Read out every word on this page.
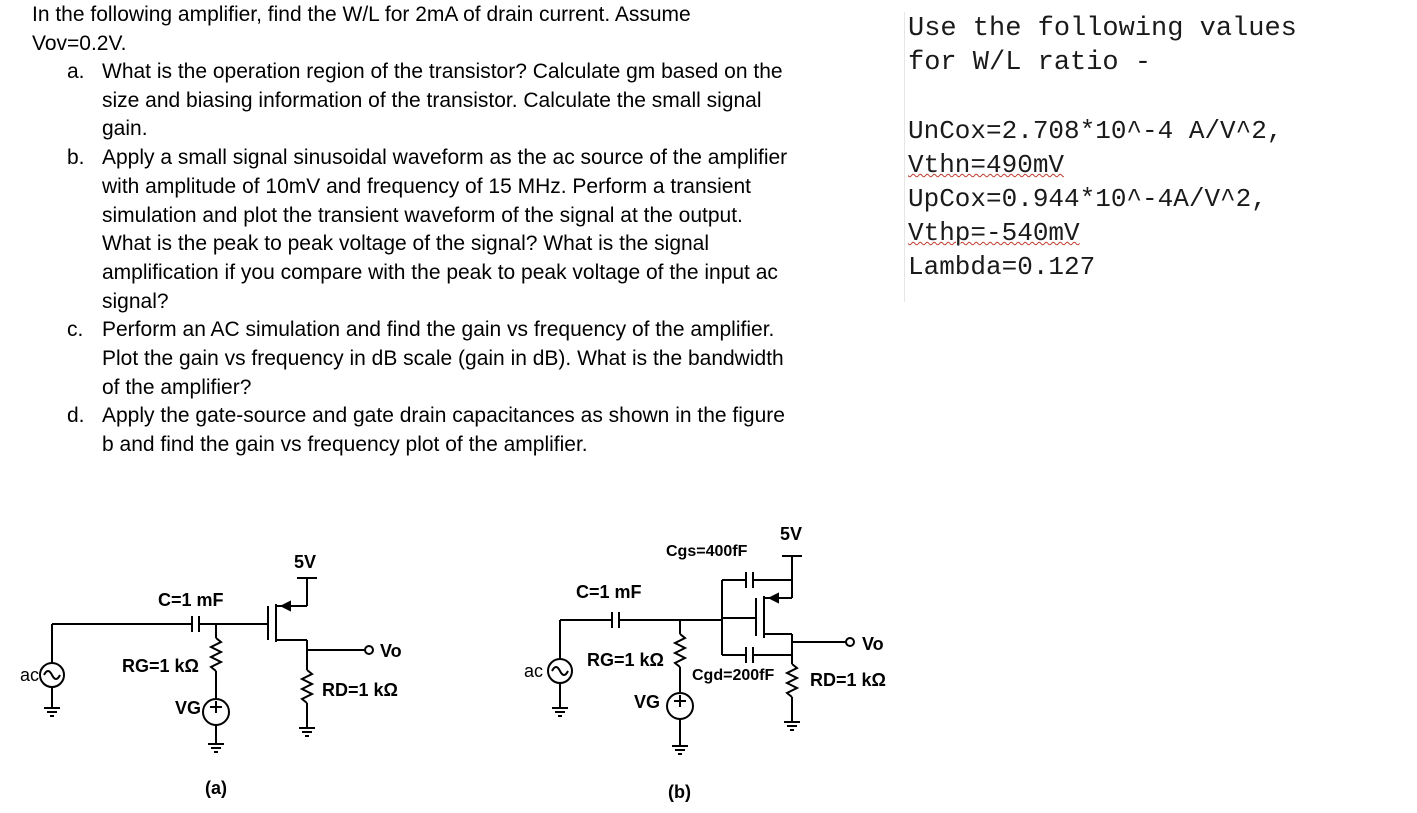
In the following amplifier, find the W/L for 2mA of drain current. Assume
Vov=0.2V.
a. What is the operation region of the transistor? Calculate gm based on the
size and biasing information of the transistor. Calculate the small signal
gain.
b. Apply a small signal sinusoidal waveform as the ac source of the amplifier
with amplitude of 10mV and frequency of 15 MHz. Perform a transient
simulation and plot the transient waveform of the signal at the output.
What is the peak to peak voltage of the signal? What is the signal
amplification if you compare with the peak to peak voltage of the input ac
signal?
c. Perform an AC simulation and find the gain vs frequency of the amplifier.
Plot the gain vs frequency in dB scale (gain in dB). What is the bandwidth
of the amplifier?
d. Apply the gate-source and gate drain capacitances as shown in the figure
b and find the gain vs frequency plot of the amplifier.
Use the following values
for W/L ratio -
UnCox=2.708*10^-4 A/V^2,
Vthn=490mV
UpCox=0.944*10^-4A/V^2,
Vthp=-540mV
Lambda=0.127
5V
C=1 mF
RG=1 kΩ
VG
RD=1 kΩ
Vo
(a)
ac
5V
Cgs=400fF
C=1 mF
RG=1 kΩ
Cgd=200fF
VG
RD=1 kΩ
Vo
(b)
ac
